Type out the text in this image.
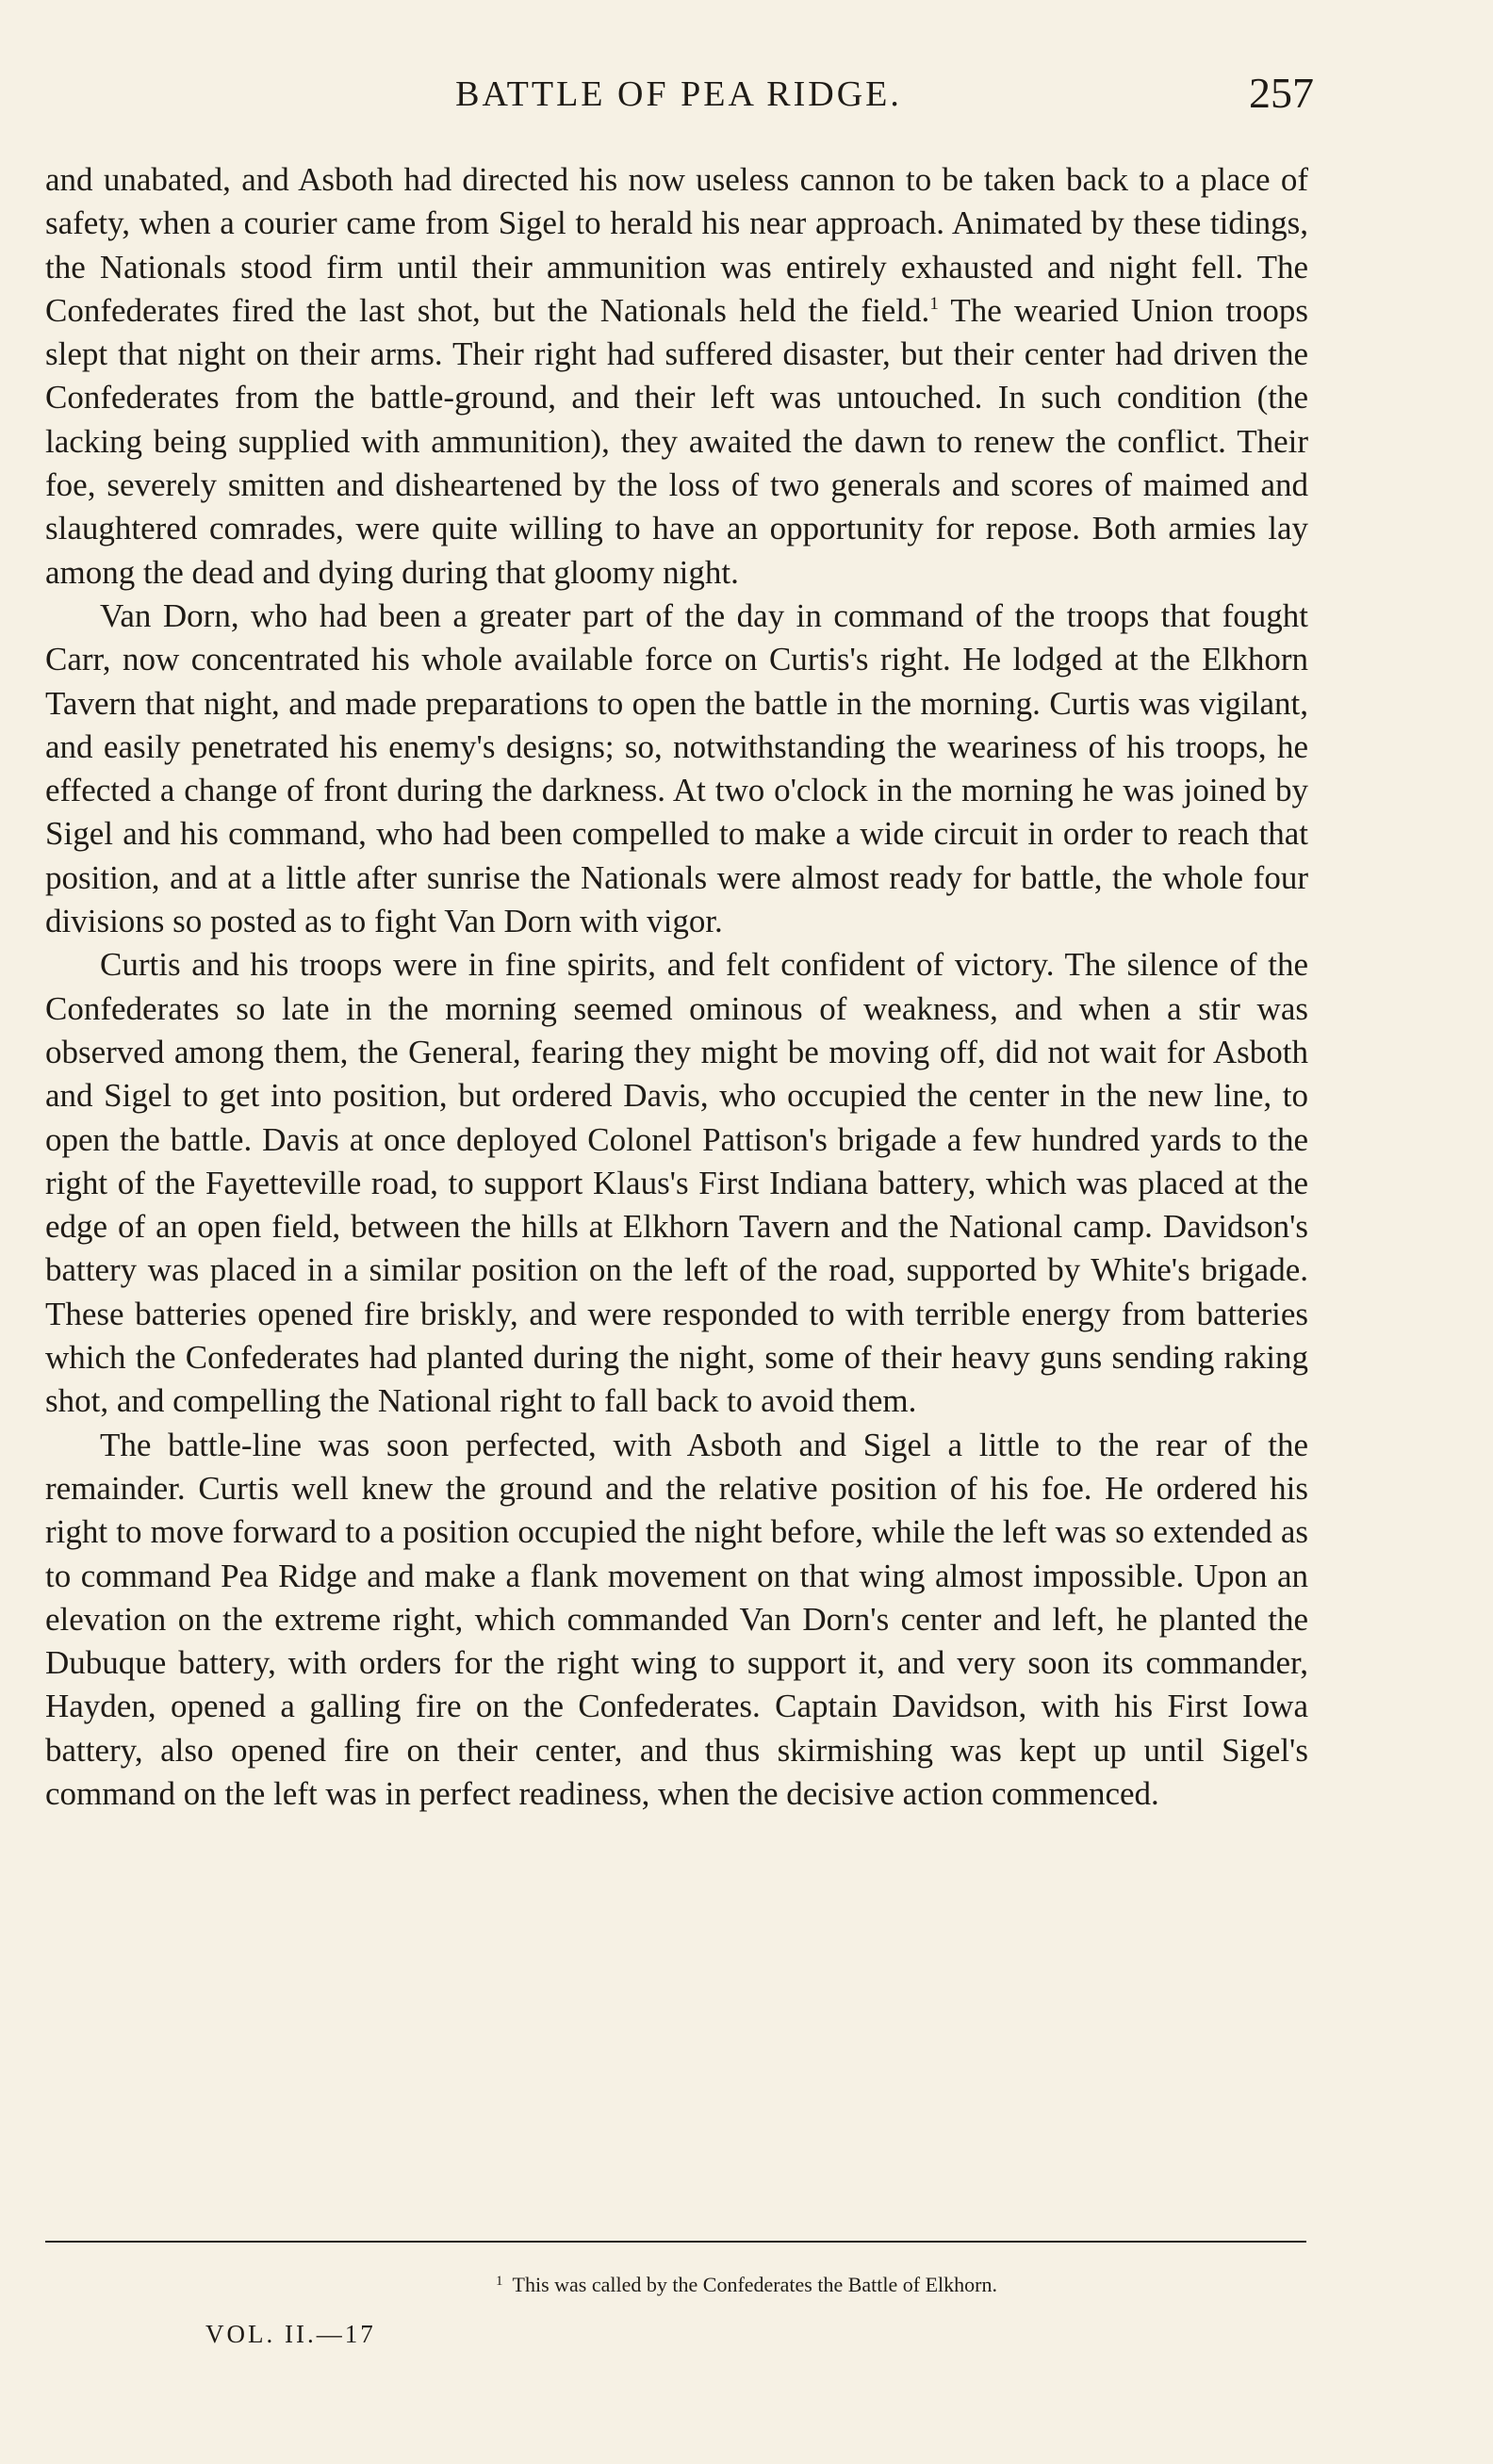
BATTLE OF PEA RIDGE.	257

and unabated, and Asboth had directed his now useless cannon to be taken back to a place of safety, when a courier came from Sigel to herald his near approach. Animated by these tidings, the Nationals stood firm until their ammunition was entirely exhausted and night fell. The Confederates fired the last shot, but the Nationals held the field.$^1$ The wearied Union troops slept that night on their arms. Their right had suffered disaster, but their center had driven the Confederates from the battle-ground, and their left was untouched. In such condition (the lacking being supplied with ammunition), they awaited the dawn to renew the conflict. Their foe, severely smitten and disheartened by the loss of two generals and scores of maimed and slaughtered comrades, were quite willing to have an opportunity for repose. Both armies lay among the dead and dying during that gloomy night.

Van Dorn, who had been a greater part of the day in command of the troops that fought Carr, now concentrated his whole available force on Curtis's right. He lodged at the Elkhorn Tavern that night, and made preparations to open the battle in the morning. Curtis was vigilant, and easily penetrated his enemy's designs; so, notwithstanding the weariness of his troops, he effected a change of front during the darkness. At two o'clock in the morning he was joined by Sigel and his command, who had been compelled to make a wide circuit in order to reach that position, and at a little after sunrise the Nationals were almost ready for battle, the whole four divisions so posted as to fight Van Dorn with vigor.

Curtis and his troops were in fine spirits, and felt confident of victory. The silence of the Confederates so late in the morning seemed ominous of weakness, and when a stir was observed among them, the General, fearing they might be moving off, did not wait for Asboth and Sigel to get into position, but ordered Davis, who occupied the center in the new line, to open the battle. Davis at once deployed Colonel Pattison's brigade a few hundred yards to the right of the Fayetteville road, to support Klaus's First Indiana battery, which was placed at the edge of an open field, between the hills at Elkhorn Tavern and the National camp. Davidson's battery was placed in a similar position on the left of the road, supported by White's brigade. These batteries opened fire briskly, and were responded to with terrible energy from batteries which the Confederates had planted during the night, some of their heavy guns sending raking shot, and compelling the National right to fall back to avoid them.

The battle-line was soon perfected, with Asboth and Sigel a little to the rear of the remainder. Curtis well knew the ground and the relative position of his foe. He ordered his right to move forward to a position occupied the night before, while the left was so extended as to command Pea Ridge and make a flank movement on that wing almost impossible. Upon an elevation on the extreme right, which commanded Van Dorn's center and left, he planted the Dubuque battery, with orders for the right wing to support it, and very soon its commander, Hayden, opened a galling fire on the Confederates. Captain Davidson, with his First Iowa battery, also opened fire on their center, and thus skirmishing was kept up until Sigel's command on the left was in perfect readiness, when the decisive action commenced.

$^1$ This was called by the Confederates the Battle of Elkhorn.
VOL. II.—17
